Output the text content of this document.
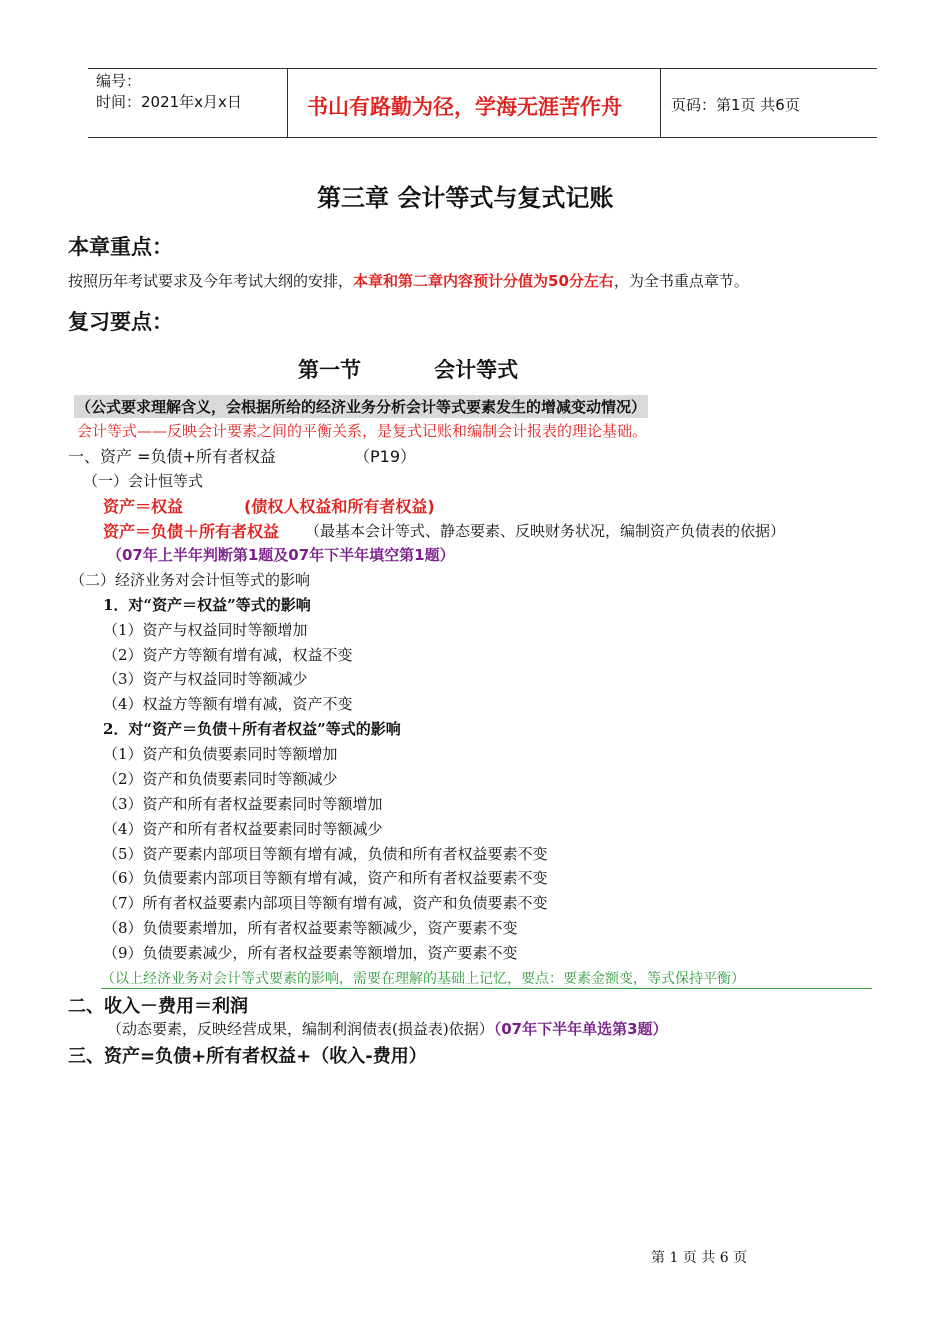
编号：
时间：2021年x月x日	书山有路勤为径，学海无涯苦作舟	页码：第1页 共6页
第三章 会计等式与复式记账
本章重点：
按照历年考试要求及今年考试大纲的安排，本章和第二章内容预计分值为50分左右，为全书重点章节。
复习要点：
第一节          会计等式
（公式要求理解含义，会根据所给的经济业务分析会计等式要素发生的增减变动情况）
会计等式——反映会计要素之间的平衡关系，是复式记账和编制会计报表的理论基础。
一、资产 =负债+所有者权益	（P19）
（一）会计恒等式
资产＝权益	(债权人权益和所有者权益)
资产＝负债＋所有者权益 （最基本会计等式、静态要素、反映财务状况，编制资产负债表的依据）
（07年上半年判断第1题及07年下半年填空第1题）
（二）经济业务对会计恒等式的影响
1．对“资产＝权益”等式的影响
（1）资产与权益同时等额增加
（2）资产方等额有增有减，权益不变
（3）资产与权益同时等额减少
（4）权益方等额有增有减，资产不变
2．对“资产＝负债＋所有者权益”等式的影响
（1）资产和负债要素同时等额增加
（2）资产和负债要素同时等额减少
（3）资产和所有者权益要素同时等额增加
（4）资产和所有者权益要素同时等额减少
（5）资产要素内部项目等额有增有减，负债和所有者权益要素不变
（6）负债要素内部项目等额有增有减，资产和所有者权益要素不变
（7）所有者权益要素内部项目等额有增有减，资产和负债要素不变
（8）负债要素增加，所有者权益要素等额减少，资产要素不变
（9）负债要素减少，所有者权益要素等额增加，资产要素不变
（以上经济业务对会计等式要素的影响，需要在理解的基础上记忆，要点：要素金额变，等式保持平衡）
二、收入－费用＝利润
（动态要素，反映经营成果，编制利润债表(损益表)依据）（07年下半年单选第3题）
三、资产=负债+所有者权益+（收入-费用）
第 1 页 共 6 页
